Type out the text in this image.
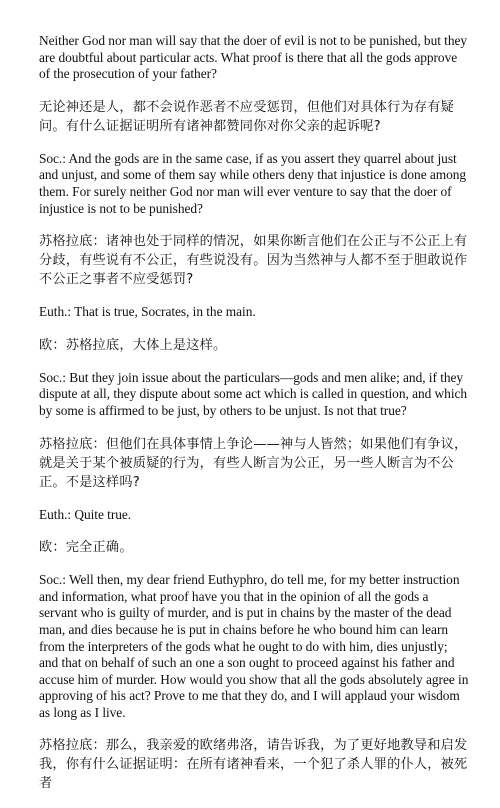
Neither God nor man will say that the doer of evil is not to be punished, but they are doubtful about particular acts. What proof is there that all the gods approve of the prosecution of your father?

无论神还是人，都不会说作恶者不应受惩罚，但他们对具体行为存有疑问。有什么证据证明所有诸神都赞同你对你父亲的起诉呢?

Soc.: And the gods are in the same case, if as you assert they quarrel about just and unjust, and some of them say while others deny that injustice is done among them. For surely neither God nor man will ever venture to say that the doer of injustice is not to be punished?

苏格拉底：诸神也处于同样的情况，如果你断言他们在公正与不公正上有分歧，有些说有不公正，有些说没有。因为当然神与人都不至于胆敢说作不公正之事者不应受惩罚?

Euth.: That is true, Socrates, in the main.

欧：苏格拉底，大体上是这样。

Soc.: But they join issue about the particulars—gods and men alike; and, if they dispute at all, they dispute about some act which is called in question, and which by some is affirmed to be just, by others to be unjust. Is not that true?

苏格拉底：但他们在具体事情上争论——神与人皆然；如果他们有争议，就是关于某个被质疑的行为，有些人断言为公正，另一些人断言为不公正。不是这样吗?

Euth.: Quite true.

欧：完全正确。

Soc.: Well then, my dear friend Euthyphro, do tell me, for my better instruction and information, what proof have you that in the opinion of all the gods a servant who is guilty of murder, and is put in chains by the master of the dead man, and dies because he is put in chains before he who bound him can learn from the interpreters of the gods what he ought to do with him, dies unjustly; and that on behalf of such an one a son ought to proceed against his father and accuse him of murder. How would you show that all the gods absolutely agree in approving of his act? Prove to me that they do, and I will applaud your wisdom as long as I live.

苏格拉底：那么，我亲爱的欧绪弗洛，请告诉我，为了更好地教导和启发我，你有什么证据证明：在所有诸神看来，一个犯了杀人罪的仆人，被死者
